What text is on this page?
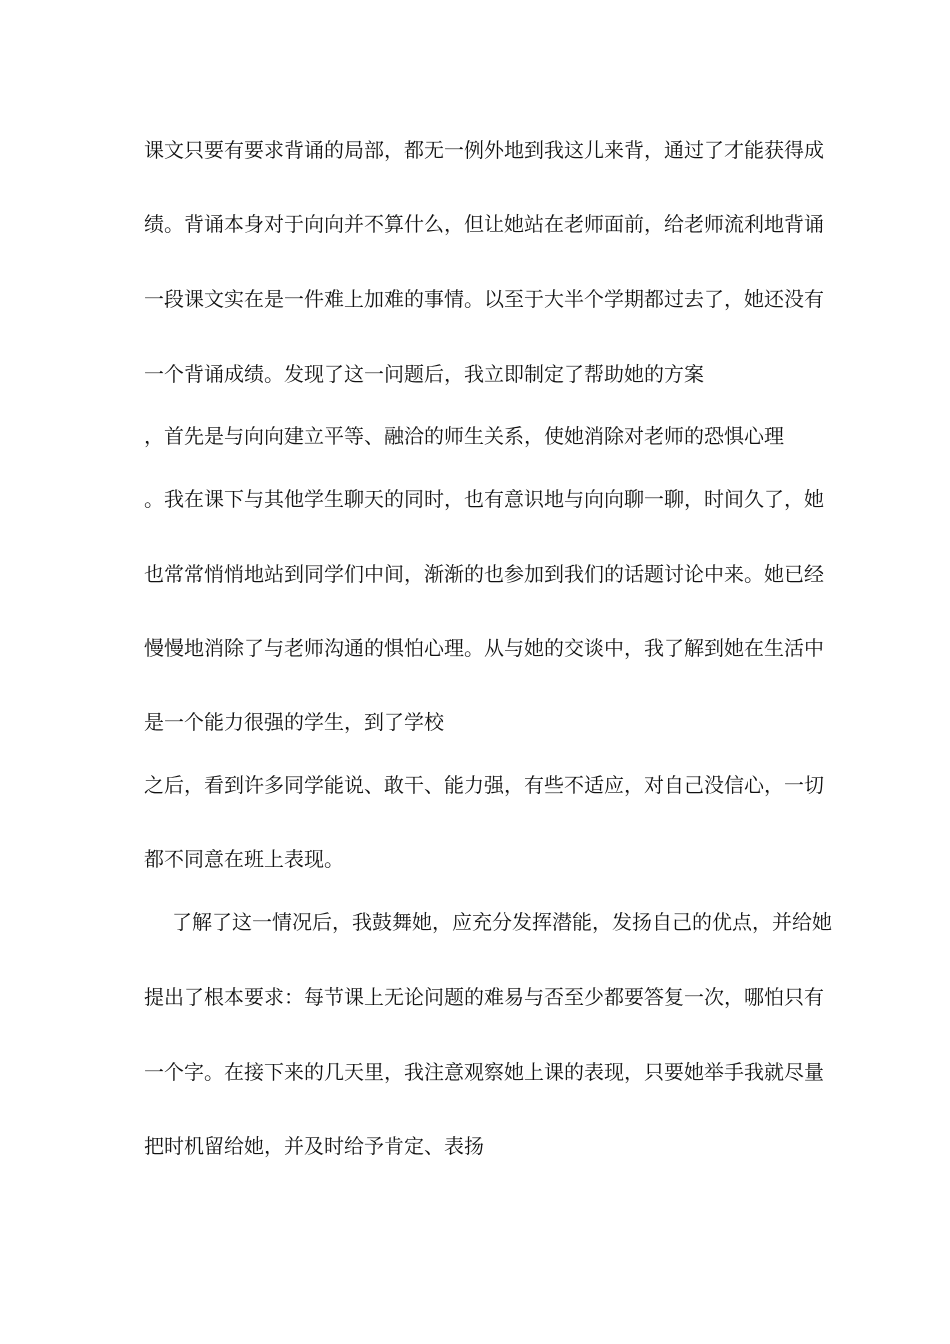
课文只要有要求背诵的局部，都无一例外地到我这儿来背，通过了才能获得成
绩。背诵本身对于向向并不算什么，但让她站在老师面前，给老师流利地背诵
一段课文实在是一件难上加难的事情。以至于大半个学期都过去了，她还没有
一个背诵成绩。发现了这一问题后，我立即制定了帮助她的方案
，首先是与向向建立平等、融洽的师生关系，使她消除对老师的恐惧心理
。我在课下与其他学生聊天的同时，也有意识地与向向聊一聊，时间久了，她
也常常悄悄地站到同学们中间，渐渐的也参加到我们的话题讨论中来。她已经
慢慢地消除了与老师沟通的惧怕心理。从与她的交谈中，我了解到她在生活中
是一个能力很强的学生，到了学校
之后，看到许多同学能说、敢干、能力强，有些不适应，对自己没信心，一切
都不同意在班上表现。
了解了这一情况后，我鼓舞她，应充分发挥潜能，发扬自己的优点，并给她
提出了根本要求：每节课上无论问题的难易与否至少都要答复一次，哪怕只有
一个字。在接下来的几天里，我注意观察她上课的表现，只要她举手我就尽量
把时机留给她，并及时给予肯定、表扬
